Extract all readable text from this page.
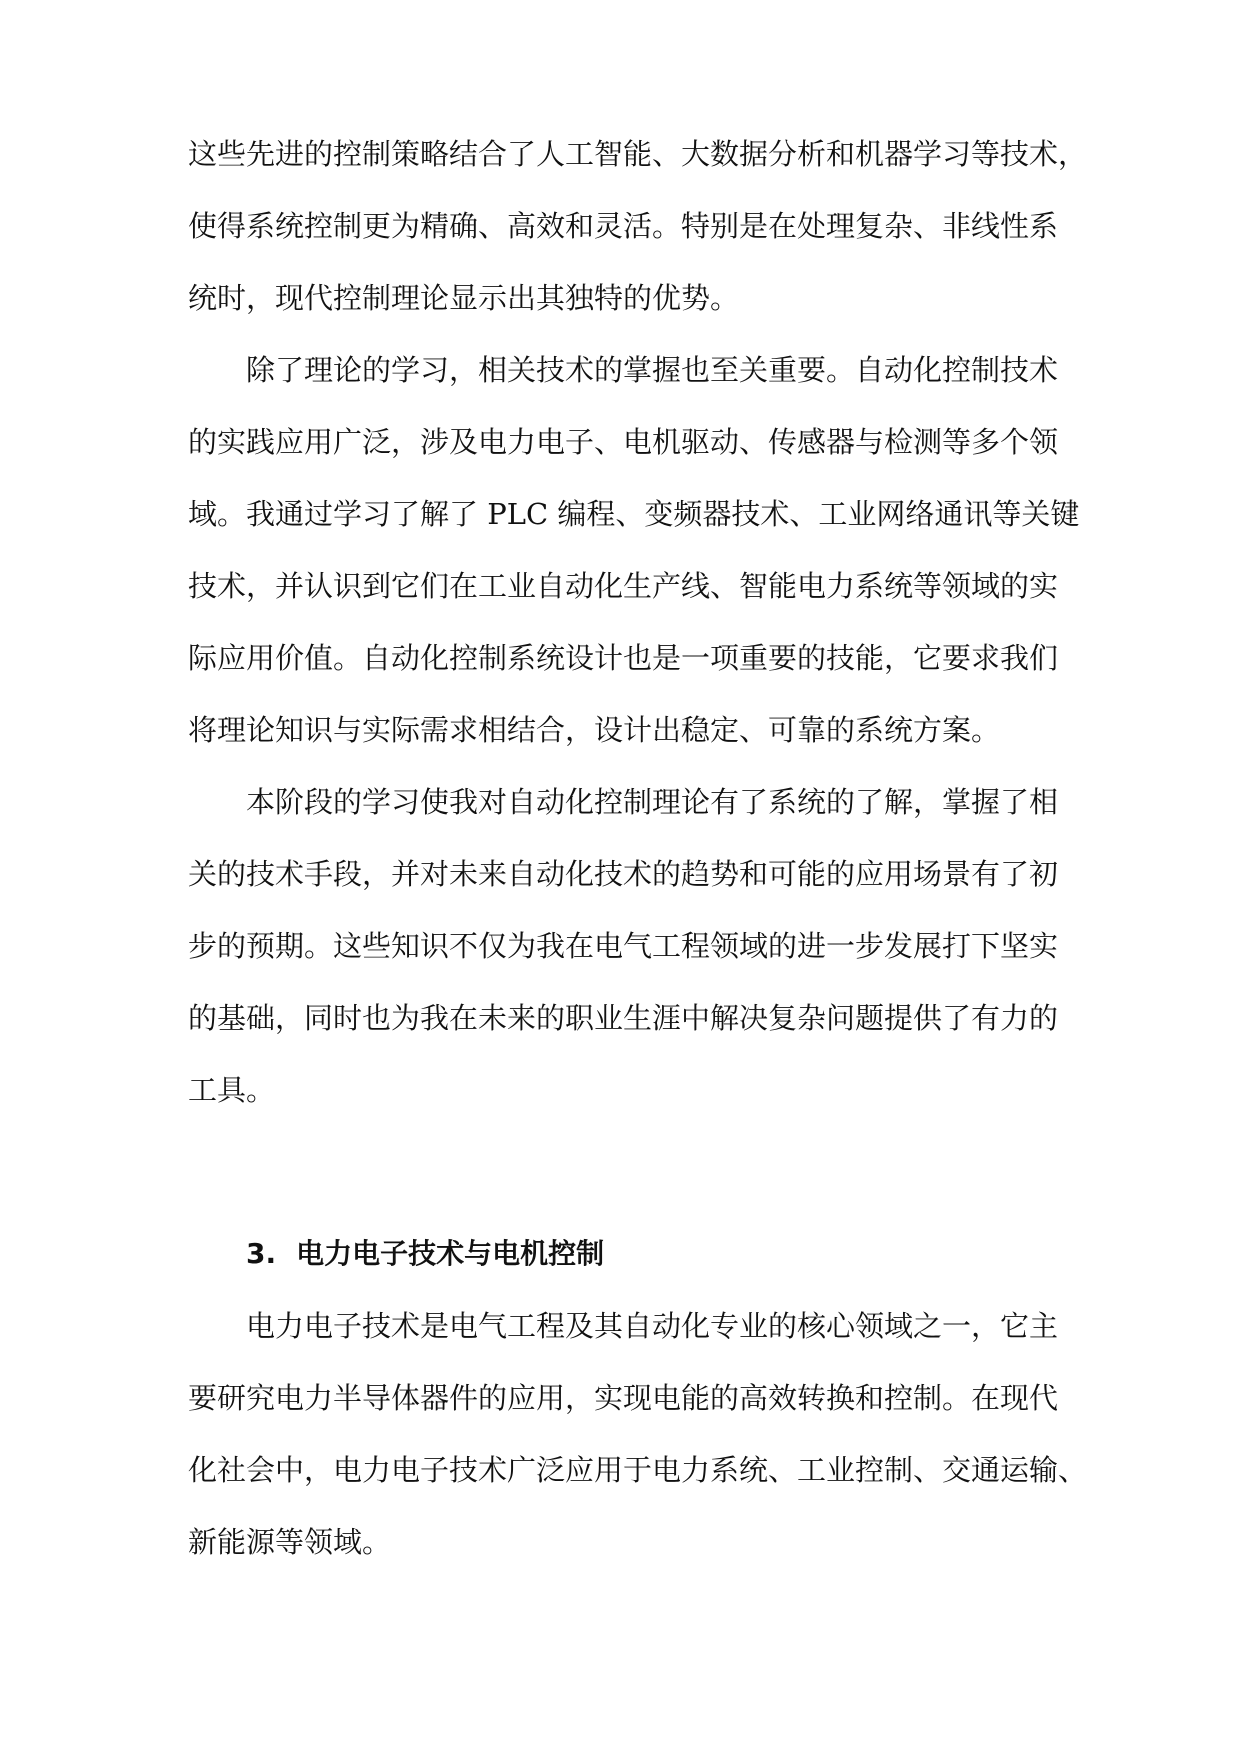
这些先进的控制策略结合了人工智能、大数据分析和机器学习等技术，

使得系统控制更为精确、高效和灵活。特别是在处理复杂、非线性系

统时，现代控制理论显示出其独特的优势。

除了理论的学习，相关技术的掌握也至关重要。自动化控制技术

的实践应用广泛，涉及电力电子、电机驱动、传感器与检测等多个领

域。我通过学习了解了 PLC 编程、变频器技术、工业网络通讯等关键

技术，并认识到它们在工业自动化生产线、智能电力系统等领域的实

际应用价值。自动化控制系统设计也是一项重要的技能，它要求我们

将理论知识与实际需求相结合，设计出稳定、可靠的系统方案。

本阶段的学习使我对自动化控制理论有了系统的了解，掌握了相

关的技术手段，并对未来自动化技术的趋势和可能的应用场景有了初

步的预期。这些知识不仅为我在电气工程领域的进一步发展打下坚实

的基础，同时也为我在未来的职业生涯中解决复杂问题提供了有力的

工具。

3. 电力电子技术与电机控制

电力电子技术是电气工程及其自动化专业的核心领域之一，它主

要研究电力半导体器件的应用，实现电能的高效转换和控制。在现代

化社会中，电力电子技术广泛应用于电力系统、工业控制、交通运输、

新能源等领域。
